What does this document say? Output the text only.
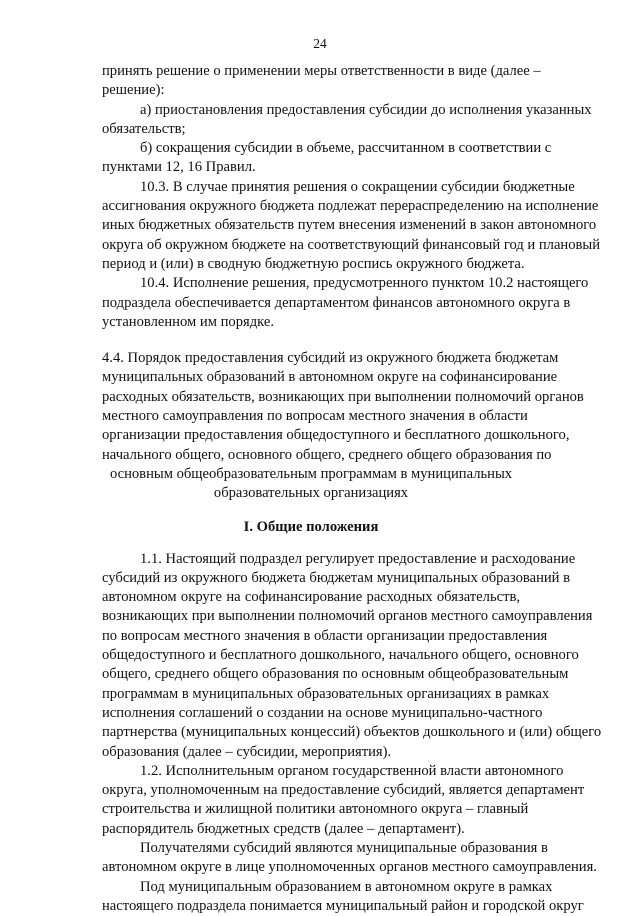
24
принять решение о применении меры ответственности в виде (далее –
решение):
а) приостановления предоставления субсидии до исполнения указанных
обязательств;
б) сокращения субсидии в объеме, рассчитанном в соответствии с
пунктами 12, 16 Правил.
10.3. В случае принятия решения о сокращении субсидии бюджетные
ассигнования окружного бюджета подлежат перераспределению на исполнение
иных бюджетных обязательств путем внесения изменений в закон автономного
округа об окружном бюджете на соответствующий финансовый год и плановый
период и (или) в сводную бюджетную роспись окружного бюджета.
10.4. Исполнение решения, предусмотренного пунктом 10.2 настоящего
подраздела обеспечивается департаментом финансов автономного округа в
установленном им порядке.
4.4. Порядок предоставления субсидий из окружного бюджета бюджетам
муниципальных образований в автономном округе на софинансирование
расходных обязательств, возникающих при выполнении полномочий органов
местного самоуправления по вопросам местного значения в области
организации предоставления общедоступного и бесплатного дошкольного,
начального общего, основного общего, среднего общего образования по
основным общеобразовательным программам в муниципальных
образовательных организациях
I. Общие положения
1.1. Настоящий подраздел регулирует предоставление и расходование
субсидий из окружного бюджета бюджетам муниципальных образований в
автономном округе на софинансирование расходных обязательств,
возникающих при выполнении полномочий органов местного самоуправления
по вопросам местного значения в области организации предоставления
общедоступного и бесплатного дошкольного, начального общего, основного
общего, среднего общего образования по основным общеобразовательным
программам в муниципальных образовательных организациях в рамках
исполнения соглашений о создании на основе муниципально-частного
партнерства (муниципальных концессий) объектов дошкольного и (или) общего
образования (далее – субсидии, мероприятия).
1.2. Исполнительным органом государственной власти автономного
округа, уполномоченным на предоставление субсидий, является департамент
строительства и жилищной политики автономного округа – главный
распорядитель бюджетных средств (далее – департамент).
Получателями субсидий являются муниципальные образования в
автономном округе в лице уполномоченных органов местного самоуправления.
Под муниципальным образованием в автономном округе в рамках
настоящего подраздела понимается муниципальный район и городской округ
